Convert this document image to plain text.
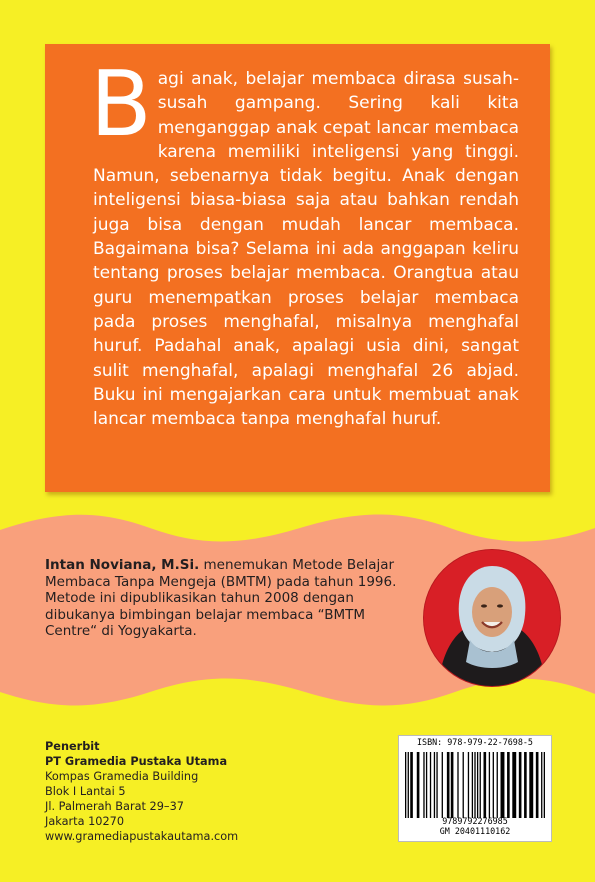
Bagi anak, belajar membaca dirasa susah-susah gampang. Sering kali kita menganggap anak cepat lancar membaca karena memiliki inteligensi yang tinggi. Namun, sebenarnya tidak begitu. Anak dengan inteligensi biasa-biasa saja atau bahkan rendah juga bisa dengan mudah lancar membaca. Bagaimana bisa? Selama ini ada anggapan keliru tentang proses belajar membaca. Orangtua atau guru menempatkan proses belajar membaca pada proses menghafal, misalnya menghafal huruf. Padahal anak, apalagi usia dini, sangat sulit menghafal, apalagi menghafal 26 abjad. Buku ini mengajarkan cara untuk membuat anak lancar membaca tanpa menghafal huruf.

Intan Noviana, M.Si. menemukan Metode Belajar Membaca Tanpa Mengeja (BMTM) pada tahun 1996. Metode ini dipublikasikan tahun 2008 dengan dibukanya bimbingan belajar membaca “BMTM Centre“ di Yogyakarta.

Penerbit
PT Gramedia Pustaka Utama
Kompas Gramedia Building
Blok I Lantai 5
Jl. Palmerah Barat 29–37
Jakarta 10270
www.gramediapustakautama.com
ISBN: 978-979-22-7698-5
9789792276985
GM 20401110162
